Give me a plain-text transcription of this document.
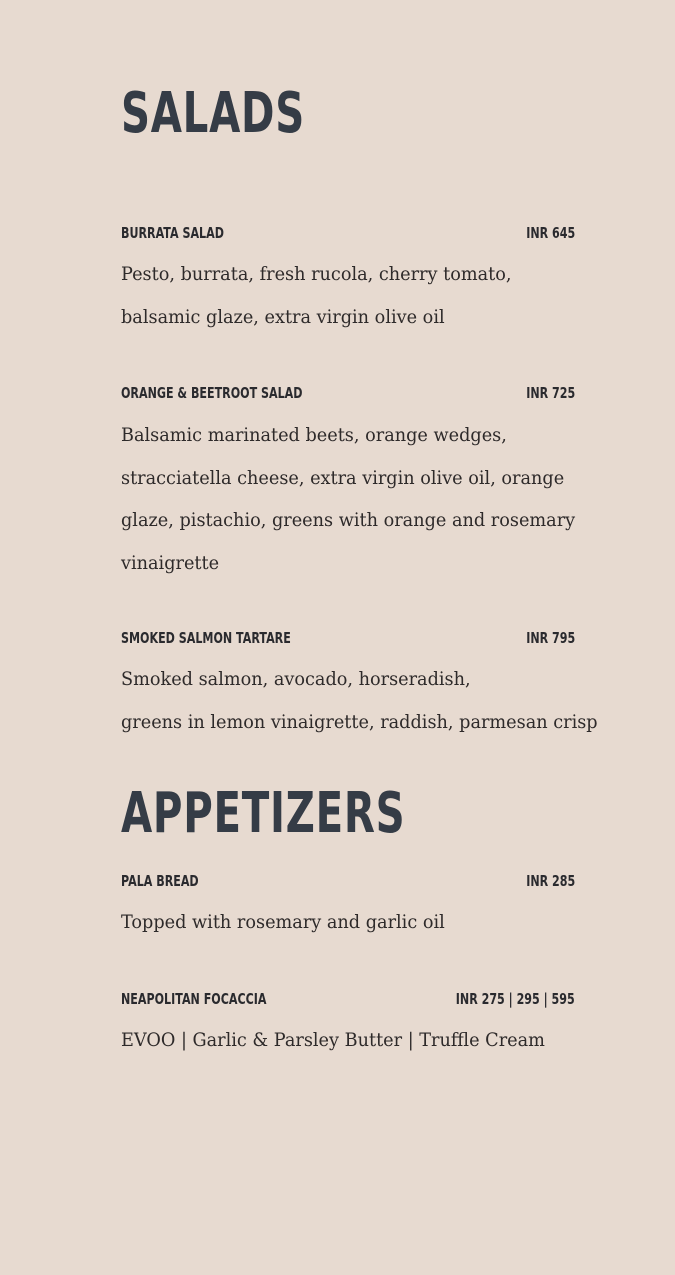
SALADS
BURRATA SALAD	INR 645
Pesto, burrata, fresh rucola, cherry tomato,
balsamic glaze, extra virgin olive oil
ORANGE & BEETROOT SALAD	INR 725
Balsamic marinated beets, orange wedges,
stracciatella cheese, extra virgin olive oil, orange
glaze, pistachio, greens with orange and rosemary
vinaigrette
SMOKED SALMON TARTARE	INR 795
Smoked salmon, avocado, horseradish,
greens in lemon vinaigrette, raddish, parmesan crisp
APPETIZERS
PALA BREAD	INR 285
Topped with rosemary and garlic oil
NEAPOLITAN FOCACCIA	INR 275 | 295 | 595
EVOO | Garlic & Parsley Butter | Truffle Cream
